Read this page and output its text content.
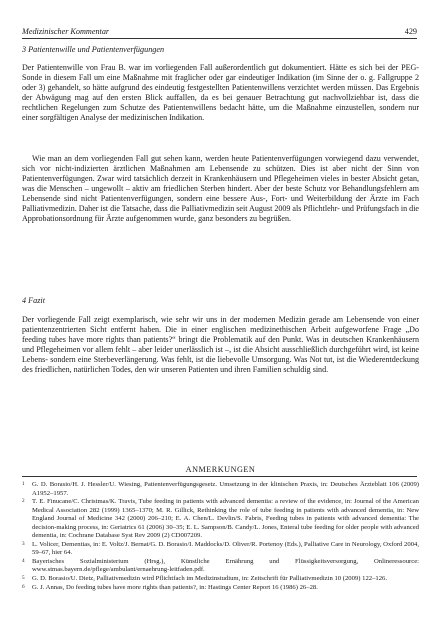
Medizinischer Kommentar	429
3 Patientenwille und Patientenverfügungen

Der Patientenwille von Frau B. war im vorliegenden Fall außerordentlich gut dokumentiert. Hätte es sich bei der PEG-Sonde in diesem Fall um eine Maßnahme mit fraglicher oder gar eindeutiger Indikation (im Sinne der o. g. Fallgruppe 2 oder 3) gehandelt, so hätte aufgrund des eindeutig festgestellten Patientenwillens verzichtet werden müssen. Das Ergebnis der Abwägung mag auf den ersten Blick auffallen, da es bei genauer Betrachtung gut nachvollziehbar ist, dass die rechtlichen Regelungen zum Schutze des Patientenwillens bedacht hätte, um die Maßnahme einzustellen, sondern nur einer sorgfältigen Analyse der medizinischen Indikation.

Wie man an dem vorliegenden Fall gut sehen kann, werden heute Patientenverfügungen vorwiegend dazu verwendet, sich vor nicht-indizierten ärztlichen Maßnahmen am Lebensende zu schützen. Dies ist aber nicht der Sinn von Patientenverfügungen. Zwar wird tatsächlich derzeit in Krankenhäusern und Pflegeheimen vieles in bester Absicht getan, was die Menschen – ungewollt – aktiv am friedlichen Sterben hindert. Aber der beste Schutz vor Behandlungsfehlern am Lebensende sind nicht Patientenverfügungen, sondern eine bessere Aus-, Fort- und Weiterbildung der Ärzte im Fach Palliativmedizin. Daher ist die Tatsache, dass die Palliativmedizin seit August 2009 als Pflichtlehr- und Prüfungsfach in die Approbationsordnung für Ärzte aufgenommen wurde, ganz besonders zu begrüßen.

4 Fazit

Der vorliegende Fall zeigt exemplarisch, wie sehr wir uns in der modernen Medizin gerade am Lebensende von einer patientenzentrierten Sicht entfernt haben. Die in einer englischen medizinethischen Arbeit aufgeworfene Frage „Do feeding tubes have more rights than patients?“ bringt die Problematik auf den Punkt. Was in deutschen Krankenhäusern und Pflegeheimen vor allem fehlt – aber leider unerlässlich ist –, ist die Absicht ausschließlich durchgeführt wird, ist keine Lebens- sondern eine Sterbeverlängerung. Was fehlt, ist die liebevolle Umsorgung. Was Not tut, ist die Wiederentdeckung des friedlichen, natürlichen Todes, den wir unseren Patienten und ihren Familien schuldig sind.

ANMERKUNGEN
1 G. D. Borasio/H. J. Hessler/U. Wiesing, Patientenverfügungsgesetz. Umsetzung in der klinischen Praxis, in: Deutsches Ärzteblatt 106 (2009) A1952–1957.
2 T. E. Finucane/C. Christmas/K. Travis, Tube feeding in patients with advanced dementia: a review of the evidence, in: Journal of the American Medical Association 282 (1999) 1365–1370; M. R. Gillick, Rethinking the role of tube feeding in patients with advanced dementia, in: New England Journal of Medicine 342 (2000) 206–210; E. A. Chen/L. Devlin/S. Fabris, Feeding tubes in patients with advanced dementia: The decision-making process, in: Geriatrics 61 (2006) 30–35; E. L. Sampson/B. Candy/L. Jones, Enteral tube feeding for older people with advanced dementia, in: Cochrane Database Syst Rev 2009 (2) CD007209.
3 L. Volicer, Dementias, in: E. Voltz/J. Bernat/G. D. Borasio/I. Maddocks/D. Oliver/R. Portenoy (Eds.), Palliative Care in Neurology, Oxford 2004, 59–67, hier 64.
4 Bayerisches Sozialministerium (Hrsg.), Künstliche Ernährung und Flüssigkeitsversorgung, Onlineressource: www.stmas.bayern.de/pflege/ambulant/ernaehrung-leitfaden.pdf.
5 G. D. Borasio/U. Dietz, Palliativmedizin wird Pflichtfach im Medizinstudium, in: Zeitschrift für Palliativmedizin 10 (2009) 122–126.
6 G. J. Annas, Do feeding tubes have more rights than patients?, in: Hastings Center Report 16 (1986) 26–28.
